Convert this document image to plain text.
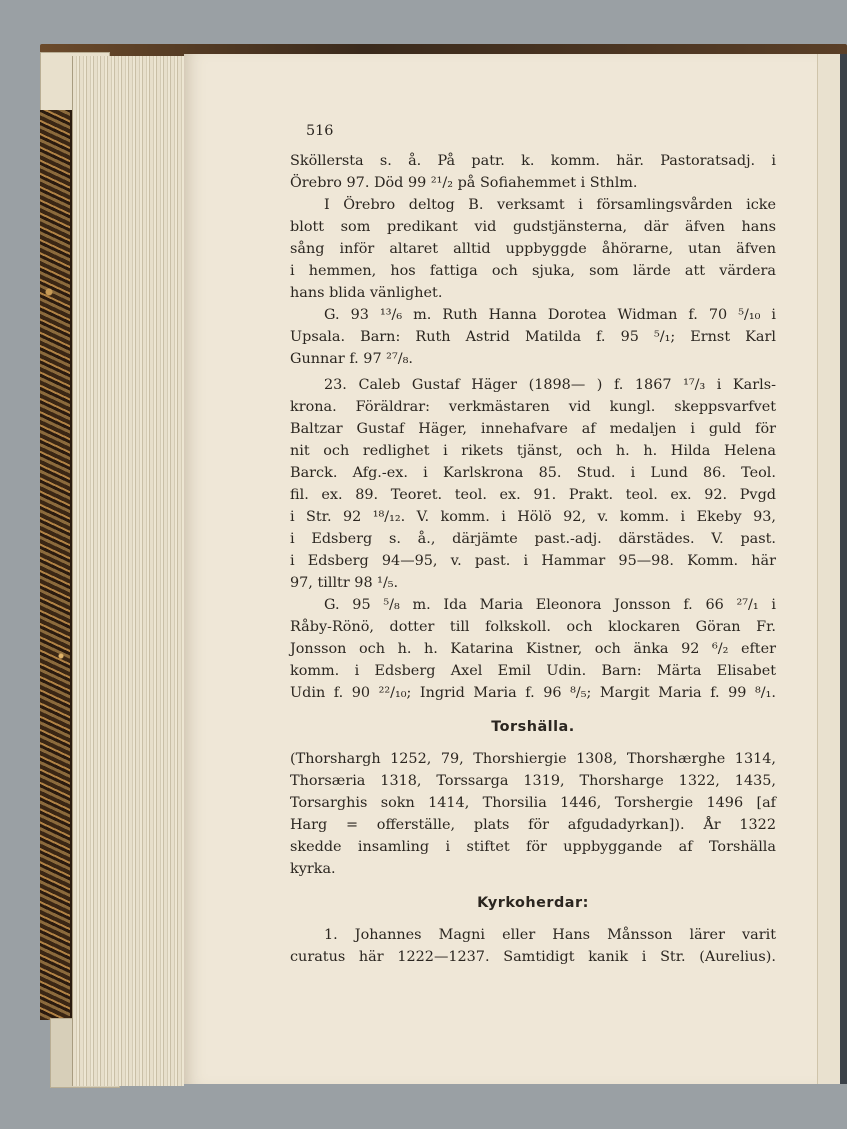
516
Sköllersta s. å. På patr. k. komm. här. Pastoratsadj. i
Örebro 97. Död 99 ²¹/₂ på Sofiahemmet i Sthlm.
I Örebro deltog B. verksamt i församlingsvården icke
blott som predikant vid gudstjänsterna, där äfven hans
sång inför altaret alltid uppbyggde åhörarne, utan äfven
i hemmen, hos fattiga och sjuka, som lärde att värdera
hans blida vänlighet.
G. 93 ¹³/₆ m. Ruth Hanna Dorotea Widman f. 70 ⁵/₁₀ i
Upsala. Barn: Ruth Astrid Matilda f. 95 ⁵/₁; Ernst Karl
Gunnar f. 97 ²⁷/₈.
23. Caleb Gustaf Häger (1898— ) f. 1867 ¹⁷/₃ i Karls-
krona. Föräldrar: verkmästaren vid kungl. skeppsvarfvet
Baltzar Gustaf Häger, innehafvare af medaljen i guld för
nit och redlighet i rikets tjänst, och h. h. Hilda Helena
Barck. Afg.-ex. i Karlskrona 85. Stud. i Lund 86. Teol.
fil. ex. 89. Teoret. teol. ex. 91. Prakt. teol. ex. 92. Pvgd
i Str. 92 ¹⁸/₁₂. V. komm. i Hölö 92, v. komm. i Ekeby 93,
i Edsberg s. å., därjämte past.-adj. därstädes. V. past.
i Edsberg 94—95, v. past. i Hammar 95—98. Komm. här
97, tilltr 98 ¹/₅.
G. 95 ⁵/₈ m. Ida Maria Eleonora Jonsson f. 66 ²⁷/₁ i
Råby-Rönö, dotter till folkskoll. och klockaren Göran Fr.
Jonsson och h. h. Katarina Kistner, och änka 92 ⁶/₂ efter
komm. i Edsberg Axel Emil Udin. Barn: Märta Elisabet
Udin f. 90 ²²/₁₀; Ingrid Maria f. 96 ⁸/₅; Margit Maria f. 99 ⁸/₁.
Torshälla.
(Thorshargh 1252, 79, Thorshiergie 1308, Thorshærghe 1314,
Thorsæria 1318, Torssarga 1319, Thorsharge 1322, 1435,
Torsarghis sokn 1414, Thorsilia 1446, Torshergie 1496 [af
Harg = offerställe, plats för afgudadyrkan]). År 1322
skedde insamling i stiftet för uppbyggande af Torshälla
kyrka.
Kyrkoherdar:
1. Johannes Magni eller Hans Månsson lärer varit
curatus här 1222—1237. Samtidigt kanik i Str. (Aurelius).
